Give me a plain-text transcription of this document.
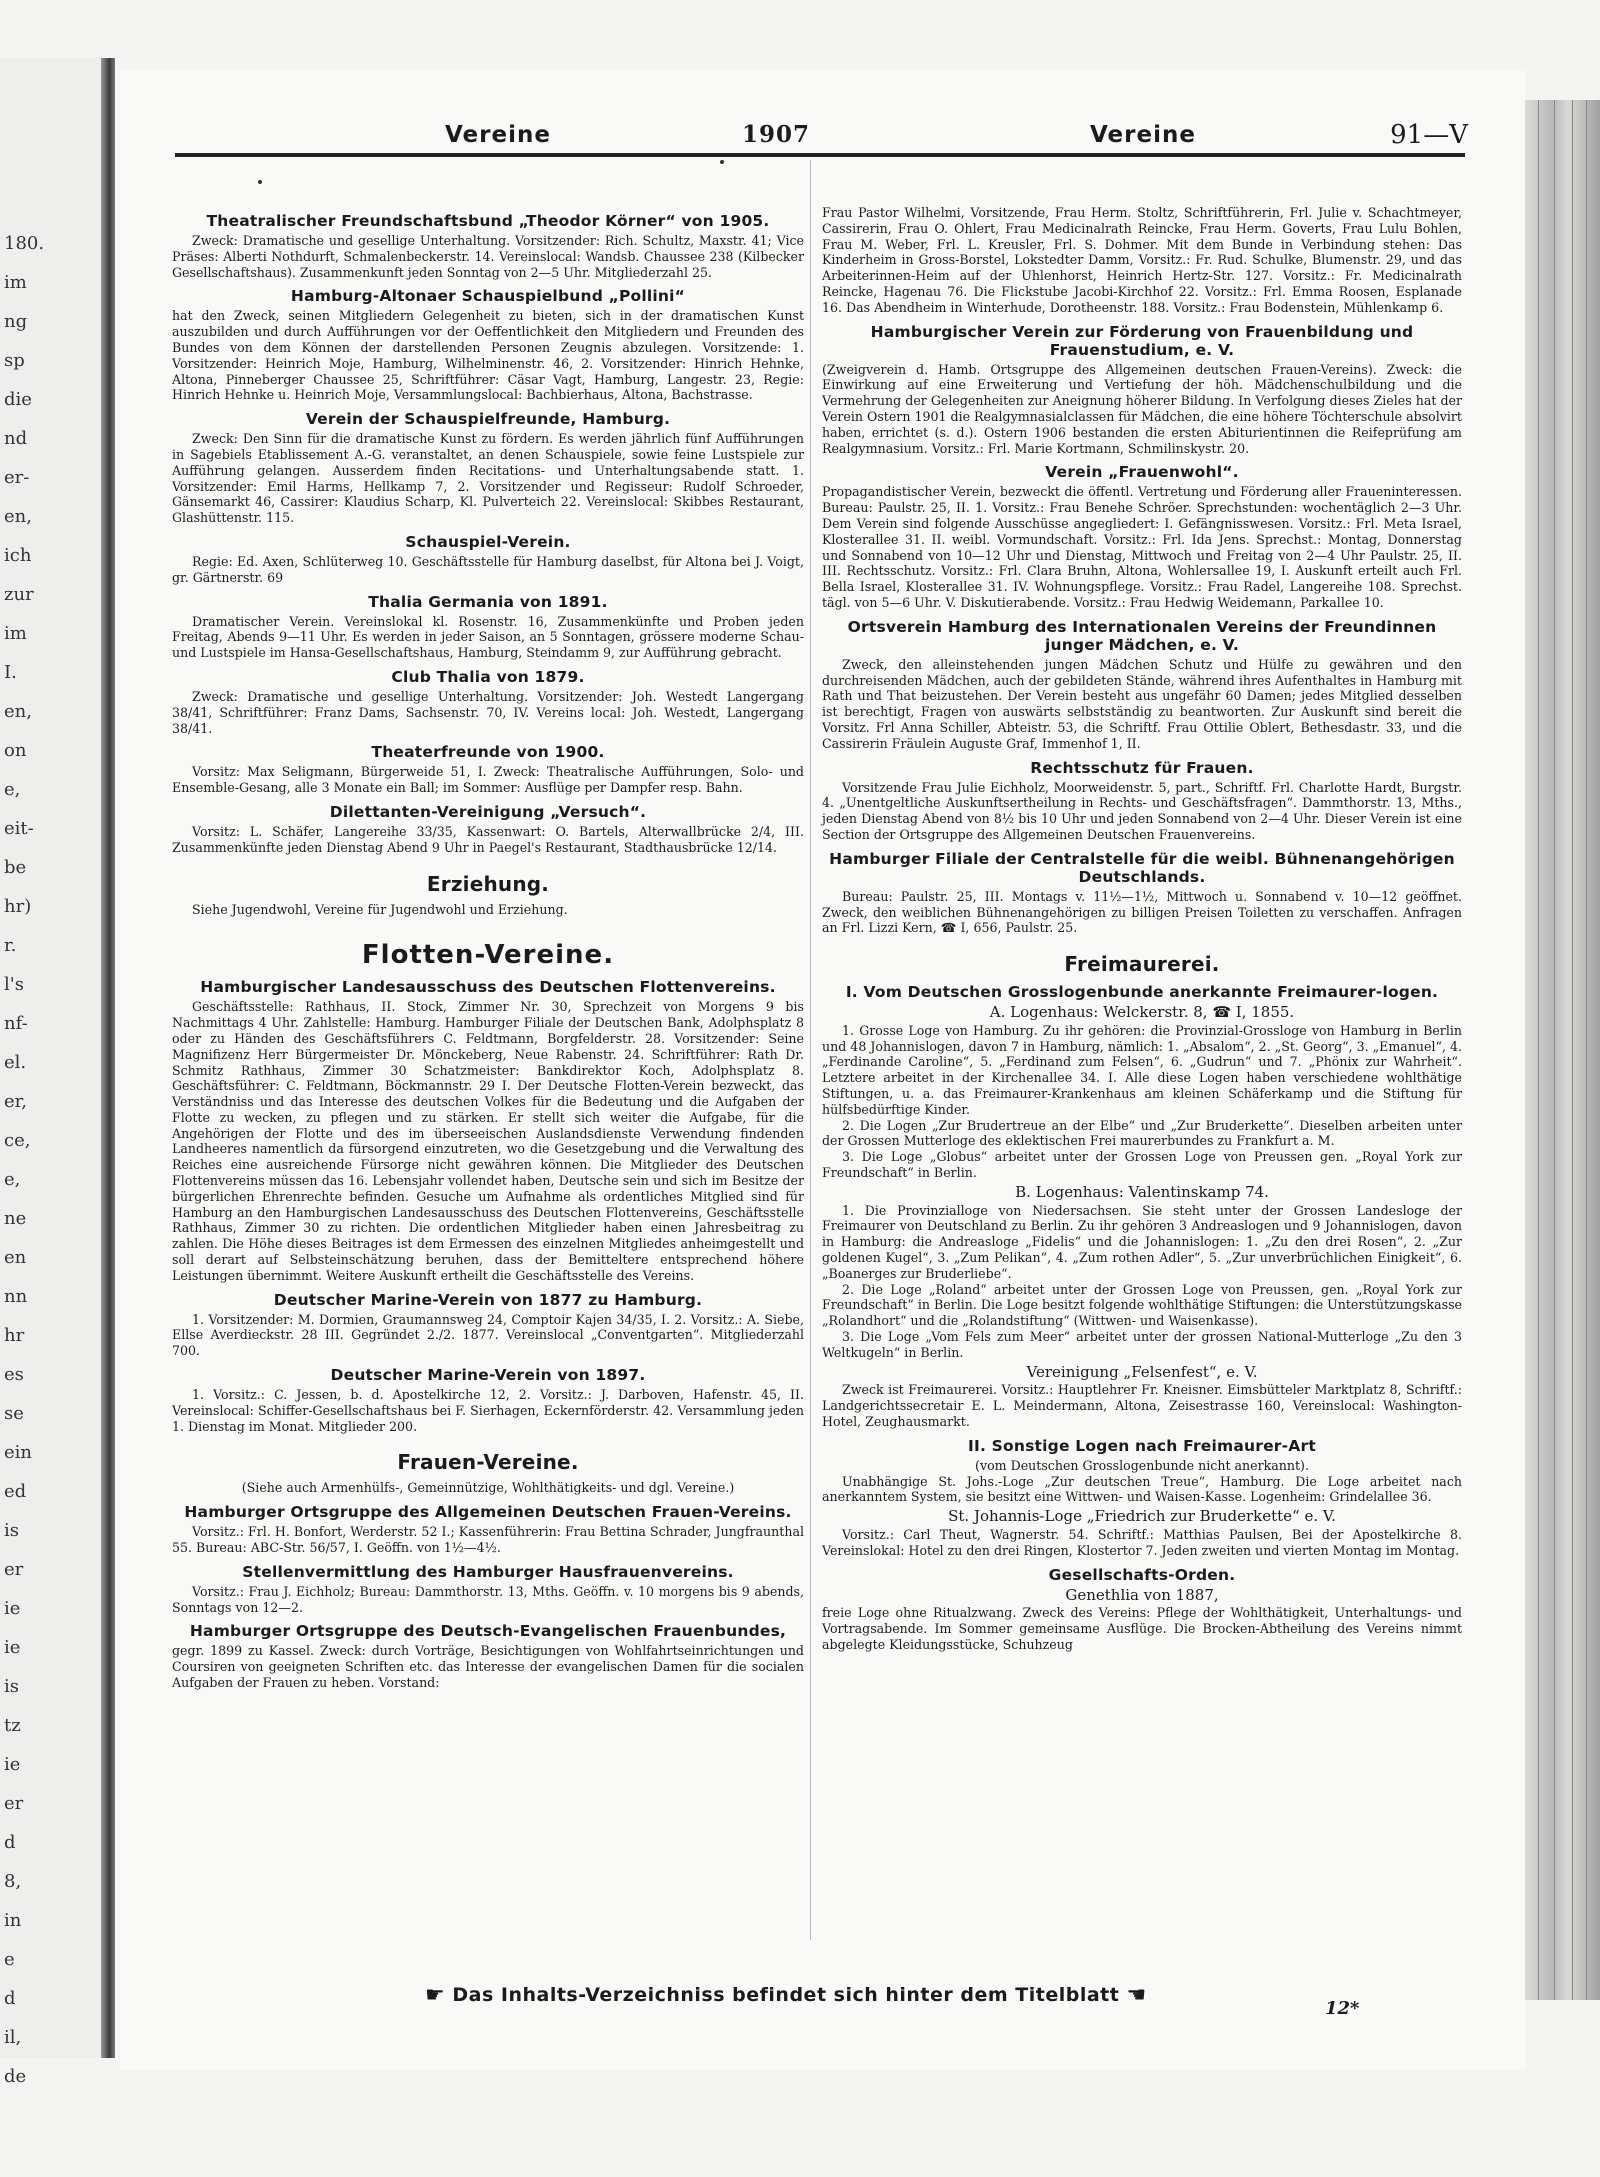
180.
im
ng
sp
die
nd
er-
en,
ich
zur
im
I.
en,
on
e,
eit-
be
hr)
r.
l's
nf-
el.
er,
ce,
e,
ne
en
nn
hr
es
se
ein
ed
is
er
ie
ie
is
tz
ie
er
d
8,
in
e
d
il,
de
Vereine	1907	Vereine	91—V
Theatralischer Freundschaftsbund „Theodor Körner“ von 1905.

Zweck: Dramatische und gesellige Unterhaltung. Vorsitzender: Rich. Schultz, Maxstr. 41; Vice Präses: Alberti Nothdurft, Schmalenbeckerstr. 14. Vereinslocal: Wandsb. Chaussee 238 (Kilbecker Gesellschaftshaus). Zusammenkunft jeden Sonntag von 2—5 Uhr. Mitgliederzahl 25.

Hamburg-Altonaer Schauspielbund „Pollini“

hat den Zweck, seinen Mitgliedern Gelegenheit zu bieten, sich in der dramatischen Kunst auszubilden und durch Aufführungen vor der Oeffentlichkeit den Mitgliedern und Freunden des Bundes von dem Können der darstellenden Personen Zeugnis abzulegen. Vorsitzende: 1. Vorsitzender: Heinrich Moje, Hamburg, Wilhelminenstr. 46, 2. Vorsitzender: Hinrich Hehnke, Altona, Pinneberger Chaussee 25, Schriftführer: Cäsar Vagt, Hamburg, Langestr. 23, Regie: Hinrich Hehnke u. Heinrich Moje, Versammlungslocal: Bachbierhaus, Altona, Bachstrasse.

Verein der Schauspielfreunde, Hamburg.

Zweck: Den Sinn für die dramatische Kunst zu fördern. Es werden jährlich fünf Aufführungen in Sagebiels Etablissement A.-G. veranstaltet, an denen Schauspiele, sowie feine Lustspiele zur Aufführung gelangen. Ausserdem finden Recitations- und Unterhaltungsabende statt. 1. Vorsitzender: Emil Harms, Hellkamp 7, 2. Vorsitzender und Regisseur: Rudolf Schroeder, Gänsemarkt 46, Cassirer: Klaudius Scharp, Kl. Pulverteich 22. Vereinslocal: Skibbes Restaurant, Glashüttenstr. 115.

Schauspiel-Verein.

Regie: Ed. Axen, Schlüterweg 10. Geschäftsstelle für Hamburg daselbst, für Altona bei J. Voigt, gr. Gärtnerstr. 69

Thalia Germania von 1891.

Dramatischer Verein. Vereinslokal kl. Rosenstr. 16, Zusammenkünfte und Proben jeden Freitag, Abends 9—11 Uhr. Es werden in jeder Saison, an 5 Sonntagen, grössere moderne Schau- und Lustspiele im Hansa-Gesellschaftshaus, Hamburg, Steindamm 9, zur Aufführung gebracht.

Club Thalia von 1879.

Zweck: Dramatische und gesellige Unterhaltung. Vorsitzender: Joh. Westedt Langergang 38/41, Schriftführer: Franz Dams, Sachsenstr. 70, IV. Vereins local: Joh. Westedt, Langergang 38/41.

Theaterfreunde von 1900.

Vorsitz: Max Seligmann, Bürgerweide 51, I. Zweck: Theatralische Aufführungen, Solo- und Ensemble-Gesang, alle 3 Monate ein Ball; im Sommer: Ausflüge per Dampfer resp. Bahn.

Dilettanten-Vereinigung „Versuch“.

Vorsitz: L. Schäfer, Langereihe 33/35, Kassenwart: O. Bartels, Alterwallbrücke 2/4, III. Zusammenkünfte jeden Dienstag Abend 9 Uhr in Paegel's Restaurant, Stadthausbrücke 12/14.

Erziehung.

Siehe Jugendwohl, Vereine für Jugendwohl und Erziehung.

Flotten-Vereine.
Hamburgischer Landesausschuss des Deutschen Flottenvereins.

Geschäftsstelle: Rathhaus, II. Stock, Zimmer Nr. 30, Sprechzeit von Morgens 9 bis Nachmittags 4 Uhr. Zahlstelle: Hamburg. Hamburger Filiale der Deutschen Bank, Adolphsplatz 8 oder zu Händen des Geschäftsführers C. Feldtmann, Borgfelderstr. 28. Vorsitzender: Seine Magnifizenz Herr Bürgermeister Dr. Mönckeberg, Neue Rabenstr. 24. Schriftführer: Rath Dr. Schmitz Rathhaus, Zimmer 30 Schatzmeister: Bankdirektor Koch, Adolphsplatz 8. Geschäftsführer: C. Feldtmann, Böckmannstr. 29 I. Der Deutsche Flotten-Verein bezweckt, das Verständniss und das Interesse des deutschen Volkes für die Bedeutung und die Aufgaben der Flotte zu wecken, zu pflegen und zu stärken. Er stellt sich weiter die Aufgabe, für die Angehörigen der Flotte und des im überseeischen Auslandsdienste Verwendung findenden Landheeres namentlich da fürsorgend einzutreten, wo die Gesetzgebung und die Verwaltung des Reiches eine ausreichende Fürsorge nicht gewähren können. Die Mitglieder des Deutschen Flottenvereins müssen das 16. Lebensjahr vollendet haben, Deutsche sein und sich im Besitze der bürgerlichen Ehrenrechte befinden. Gesuche um Aufnahme als ordentliches Mitglied sind für Hamburg an den Hamburgischen Landesausschuss des Deutschen Flottenvereins, Geschäftsstelle Rathhaus, Zimmer 30 zu richten. Die ordentlichen Mitglieder haben einen Jahresbeitrag zu zahlen. Die Höhe dieses Beitrages ist dem Ermessen des einzelnen Mitgliedes anheimgestellt und soll derart auf Selbsteinschätzung beruhen, dass der Bemitteltere entsprechend höhere Leistungen übernimmt. Weitere Auskunft ertheilt die Geschäftsstelle des Vereins.

Deutscher Marine-Verein von 1877 zu Hamburg.

1. Vorsitzender: M. Dormien, Graumannsweg 24, Comptoir Kajen 34/35, I. 2. Vorsitz.: A. Siebe, Ellse Averdieckstr. 28 III. Gegründet 2./2. 1877. Vereinslocal „Conventgarten“. Mitgliederzahl 700.

Deutscher Marine-Verein von 1897.

1. Vorsitz.: C. Jessen, b. d. Apostelkirche 12, 2. Vorsitz.: J. Darboven, Hafenstr. 45, II. Vereinslocal: Schiffer-Gesellschaftshaus bei F. Sierhagen, Eckernförderstr. 42. Versammlung jeden 1. Dienstag im Monat. Mitglieder 200.

Frauen-Vereine.

(Siehe auch Armenhülfs-, Gemeinnützige, Wohlthätigkeits- und dgl. Vereine.)

Hamburger Ortsgruppe des Allgemeinen Deutschen Frauen-Vereins.

Vorsitz.: Frl. H. Bonfort, Werderstr. 52 I.; Kassenführerin: Frau Bettina Schrader, Jungfraunthal 55. Bureau: ABC-Str. 56/57, I. Geöffn. von 1½—4½.

Stellenvermittlung des Hamburger Hausfrauenvereins.

Vorsitz.: Frau J. Eichholz; Bureau: Dammthorstr. 13, Mths. Geöffn. v. 10 morgens bis 9 abends, Sonntags von 12—2.

Hamburger Ortsgruppe des Deutsch-Evangelischen Frauenbundes,

gegr. 1899 zu Kassel. Zweck: durch Vorträge, Besichtigungen von Wohlfahrtseinrichtungen und Coursiren von geeigneten Schriften etc. das Interesse der evangelischen Damen für die socialen Aufgaben der Frauen zu heben. Vorstand:

Frau Pastor Wilhelmi, Vorsitzende, Frau Herm. Stoltz, Schriftführerin, Frl. Julie v. Schachtmeyer, Cassirerin, Frau O. Ohlert, Frau Medicinalrath Reincke, Frau Herm. Goverts, Frau Lulu Bohlen, Frau M. Weber, Frl. L. Kreusler, Frl. S. Dohmer. Mit dem Bunde in Verbindung stehen: Das Kinderheim in Gross-Borstel, Lokstedter Damm, Vorsitz.: Fr. Rud. Schulke, Blumenstr. 29, und das Arbeiterinnen-Heim auf der Uhlenhorst, Heinrich Hertz-Str. 127. Vorsitz.: Fr. Medicinalrath Reincke, Hagenau 76. Die Flickstube Jacobi-Kirchhof 22. Vorsitz.: Frl. Emma Roosen, Esplanade 16. Das Abendheim in Winterhude, Dorotheenstr. 188. Vorsitz.: Frau Bodenstein, Mühlenkamp 6.

Hamburgischer Verein zur Förderung von Frauenbildung und Frauenstudium, e. V.

(Zweigverein d. Hamb. Ortsgruppe des Allgemeinen deutschen Frauen-Vereins). Zweck: die Einwirkung auf eine Erweiterung und Vertiefung der höh. Mädchenschulbildung und die Vermehrung der Gelegenheiten zur Aneignung höherer Bildung. In Verfolgung dieses Zieles hat der Verein Ostern 1901 die Realgymnasialclassen für Mädchen, die eine höhere Töchterschule absolvirt haben, errichtet (s. d.). Ostern 1906 bestanden die ersten Abiturientinnen die Reifeprüfung am Realgymnasium. Vorsitz.: Frl. Marie Kortmann, Schmilinskystr. 20.

Verein „Frauenwohl“.

Propagandistischer Verein, bezweckt die öffentl. Vertretung und Förderung aller Fraueninteressen. Bureau: Paulstr. 25, II. 1. Vorsitz.: Frau Benehe Schröer. Sprechstunden: wochentäglich 2—3 Uhr. Dem Verein sind folgende Ausschüsse angegliedert: I. Gefängnisswesen. Vorsitz.: Frl. Meta Israel, Klosterallee 31. II. weibl. Vormundschaft. Vorsitz.: Frl. Ida Jens. Sprechst.: Montag, Donnerstag und Sonnabend von 10—12 Uhr und Dienstag, Mittwoch und Freitag von 2—4 Uhr Paulstr. 25, II. III. Rechtsschutz. Vorsitz.: Frl. Clara Bruhn, Altona, Wohlersallee 19, I. Auskunft erteilt auch Frl. Bella Israel, Klosterallee 31. IV. Wohnungspflege. Vorsitz.: Frau Radel, Langereihe 108. Sprechst. tägl. von 5—6 Uhr. V. Diskutierabende. Vorsitz.: Frau Hedwig Weidemann, Parkallee 10.

Ortsverein Hamburg des Internationalen Vereins der Freundinnen junger Mädchen, e. V.

Zweck, den alleinstehenden jungen Mädchen Schutz und Hülfe zu gewähren und den durchreisenden Mädchen, auch der gebildeten Stände, während ihres Aufenthaltes in Hamburg mit Rath und That beizustehen. Der Verein besteht aus ungefähr 60 Damen; jedes Mitglied desselben ist berechtigt, Fragen von auswärts selbstständig zu beantworten. Zur Auskunft sind bereit die Vorsitz. Frl Anna Schiller, Abteistr. 53, die Schriftf. Frau Ottilie Oblert, Bethesdastr. 33, und die Cassirerin Fräulein Auguste Graf, Immenhof 1, II.

Rechtsschutz für Frauen.

Vorsitzende Frau Julie Eichholz, Moorweidenstr. 5, part., Schriftf. Frl. Charlotte Hardt, Burgstr. 4. „Unentgeltliche Auskunftsertheilung in Rechts- und Geschäftsfragen“. Dammthorstr. 13, Mths., jeden Dienstag Abend von 8½ bis 10 Uhr und jeden Sonnabend von 2—4 Uhr. Dieser Verein ist eine Section der Ortsgruppe des Allgemeinen Deutschen Frauenvereins.

Hamburger Filiale der Centralstelle für die weibl. Bühnenangehörigen Deutschlands.

Bureau: Paulstr. 25, III. Montags v. 11½—1½, Mittwoch u. Sonnabend v. 10—12 geöffnet. Zweck, den weiblichen Bühnenangehörigen zu billigen Preisen Toiletten zu verschaffen. Anfragen an Frl. Lizzi Kern, ☎ I, 656, Paulstr. 25.

Freimaurerei.
I. Vom Deutschen Grosslogenbunde anerkannte Freimaurer-logen.
A. Logenhaus: Welckerstr. 8, ☎ I, 1855.

1. Grosse Loge von Hamburg. Zu ihr gehören: die Provinzial-Grossloge von Hamburg in Berlin und 48 Johannislogen, davon 7 in Hamburg, nämlich: 1. „Absalom“, 2. „St. Georg“, 3. „Emanuel“, 4. „Ferdinande Caroline“, 5. „Ferdinand zum Felsen“, 6. „Gudrun“ und 7. „Phönix zur Wahrheit“. Letztere arbeitet in der Kirchenallee 34. I. Alle diese Logen haben verschiedene wohlthätige Stiftungen, u. a. das Freimaurer-Krankenhaus am kleinen Schäferkamp und die Stiftung für hülfsbedürftige Kinder.

2. Die Logen „Zur Brudertreue an der Elbe“ und „Zur Bruderkette“. Dieselben arbeiten unter der Grossen Mutterloge des eklektischen Frei maurerbundes zu Frankfurt a. M.

3. Die Loge „Globus“ arbeitet unter der Grossen Loge von Preussen gen. „Royal York zur Freundschaft“ in Berlin.

B. Logenhaus: Valentinskamp 74.

1. Die Provinzialloge von Niedersachsen. Sie steht unter der Grossen Landesloge der Freimaurer von Deutschland zu Berlin. Zu ihr gehören 3 Andreaslogen und 9 Johannislogen, davon in Hamburg: die Andreasloge „Fidelis“ und die Johannislogen: 1. „Zu den drei Rosen“, 2. „Zur goldenen Kugel“, 3. „Zum Pelikan“, 4. „Zum rothen Adler“, 5. „Zur unverbrüchlichen Einigkeit“, 6. „Boanerges zur Bruderliebe“.

2. Die Loge „Roland“ arbeitet unter der Grossen Loge von Preussen, gen. „Royal York zur Freundschaft“ in Berlin. Die Loge besitzt folgende wohlthätige Stiftungen: die Unterstützungskasse „Rolandhort“ und die „Rolandstiftung“ (Wittwen- und Waisenkasse).

3. Die Loge „Vom Fels zum Meer“ arbeitet unter der grossen National-Mutterloge „Zu den 3 Weltkugeln“ in Berlin.

Vereinigung „Felsenfest“, e. V.

Zweck ist Freimaurerei. Vorsitz.: Hauptlehrer Fr. Kneisner. Eimsbütteler Marktplatz 8, Schriftf.: Landgerichtssecretair E. L. Meindermann, Altona, Zeisestrasse 160, Vereinslocal: Washington-Hotel, Zeughausmarkt.

II. Sonstige Logen nach Freimaurer-Art

(vom Deutschen Grosslogenbunde nicht anerkannt).

Unabhängige St. Johs.-Loge „Zur deutschen Treue“, Hamburg. Die Loge arbeitet nach anerkanntem System, sie besitzt eine Wittwen- und Waisen-Kasse. Logenheim: Grindelallee 36.

St. Johannis-Loge „Friedrich zur Bruderkette“ e. V.

Vorsitz.: Carl Theut, Wagnerstr. 54. Schriftf.: Matthias Paulsen, Bei der Apostelkirche 8. Vereinslokal: Hotel zu den drei Ringen, Klostertor 7. Jeden zweiten und vierten Montag im Montag.

Gesellschafts-Orden.
Genethlia von 1887,

freie Loge ohne Ritualzwang. Zweck des Vereins: Pflege der Wohlthätigkeit, Unterhaltungs- und Vortragsabende. Im Sommer gemeinsame Ausflüge. Die Brocken-Abtheilung des Vereins nimmt abgelegte Kleidungsstücke, Schuhzeug

☛ Das Inhalts-Verzeichniss befindet sich hinter dem Titelblatt ☚
12*
